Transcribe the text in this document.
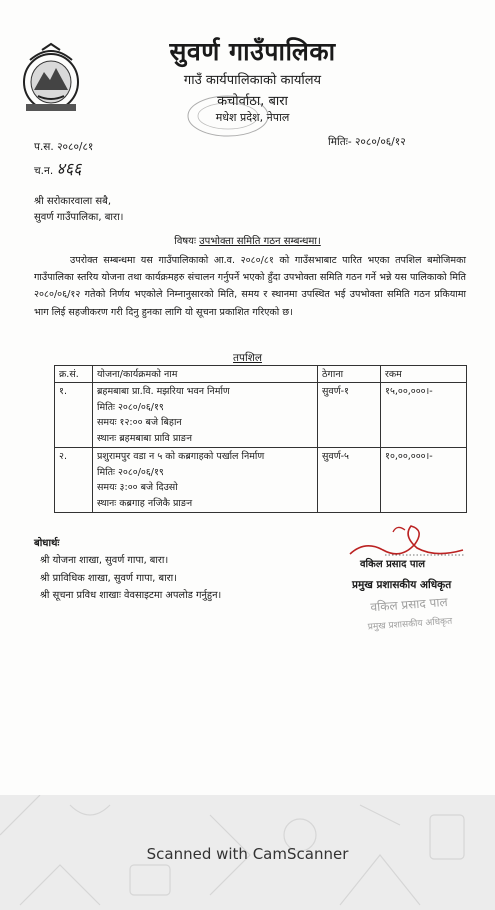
सुवर्ण गाउँपालिका
गाउँ कार्यपालिकाको कार्यालय
कचोर्वाठा, बारा
मधेश प्रदेश, नेपाल
प.स. २०८०/८१
च.न. ४६६
मितिः- २०८०/०६/१२
श्री सरोकारवाला सबै,
सुवर्ण गाउँपालिका, बारा।
विषयः उपभोक्ता समिति गठन सम्बन्धमा।
उपरोक्त सम्बन्धमा यस गाउँपालिकाको आ.व. २०८०/८१ को गाउँसभाबाट पारित भएका तपशिल बमोजिमका गाउँपालिका स्तरिय योजना तथा कार्यक्रमहरु संचालन गर्नुपर्ने भएकाे हुँदा उपभोक्ता समिति गठन गर्ने भन्ने यस पालिकाको मिति २०८०/०६/१२ गतेको निर्णय भएकोले निम्नानुसारको मिति, समय र स्थानमा उपस्थित भई उपभोक्ता समिति गठन प्रकियामा भाग लिई सहजीकरण गरी दिनु हुनका लागि यो सूचना प्रकाशित गरिएको छ।
तपशिल
क्र.सं.	योजना/कार्यक्रमको नाम	ठेगाना	रकम
१.	ब्रहमबाबा प्रा.वि. मझरिया भवन निर्माण
मितिः २०८०/०६/१९
समयः १२:०० बजे बिहान
स्थानः ब्रहमबाबा प्रावि प्राङन	सुवर्ण-१	१५,००,०००।-
२.	प्रशुरामपुर वडा न ५ को कब्रगाहको पर्खाल निर्माण
मितिः २०८०/०६/१९
समयः ३:०० बजे दिउसो
स्थानः कब्रगाह नजिकै प्राङन	सुवर्ण-५	१०,००,०००।-
बोधार्थः
श्री योजना शाखा, सुवर्ण गापा, बारा।
श्री प्राविधिक शाखा, सुवर्ण गापा, बारा।
श्री सूचना प्रविध शाखाः वेवसाइटमा अपलोड गर्नुहुन।
वकिल प्रसाद पाल
प्रमुख प्रशासकीय अधिकृत
वकिल प्रसाद पाल
प्रमुख प्रशासकीय अधिकृत
Scanned with CamScanner
